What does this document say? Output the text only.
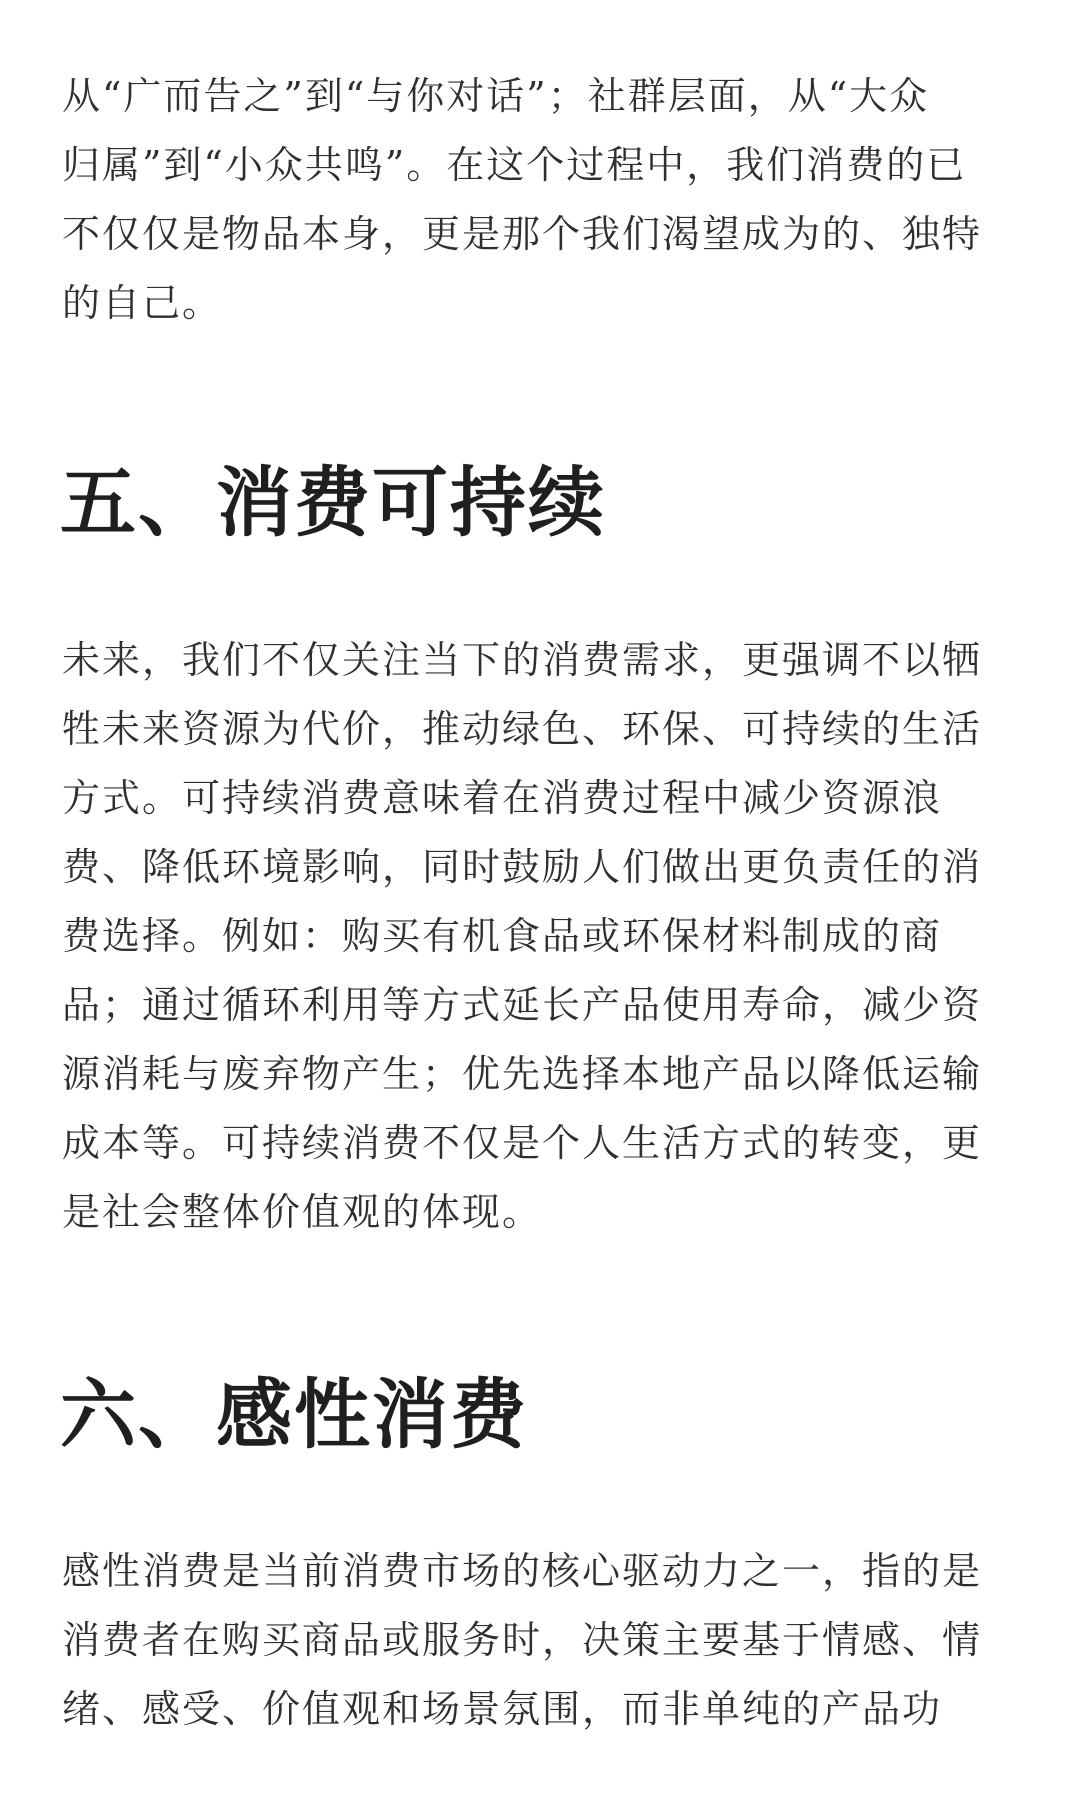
从“广而告之”到“与你对话”；社群层面，从“大众
归属”到“小众共鸣”。在这个过程中，我们消费的已
不仅仅是物品本身，更是那个我们渴望成为的、独特
的自己。

五、消费可持续

未来，我们不仅关注当下的消费需求，更强调不以牺
牲未来资源为代价，推动绿色、环保、可持续的生活
方式。可持续消费意味着在消费过程中减少资源浪
费、降低环境影响，同时鼓励人们做出更负责任的消
费选择。例如：购买有机食品或环保材料制成的商
品；通过循环利用等方式延长产品使用寿命，减少资
源消耗与废弃物产生；优先选择本地产品以降低运输
成本等。可持续消费不仅是个人生活方式的转变，更
是社会整体价值观的体现。

六、感性消费

感性消费是当前消费市场的核心驱动力之一，指的是
消费者在购买商品或服务时，决策主要基于情感、情
绪、感受、价值观和场景氛围，而非单纯的产品功
